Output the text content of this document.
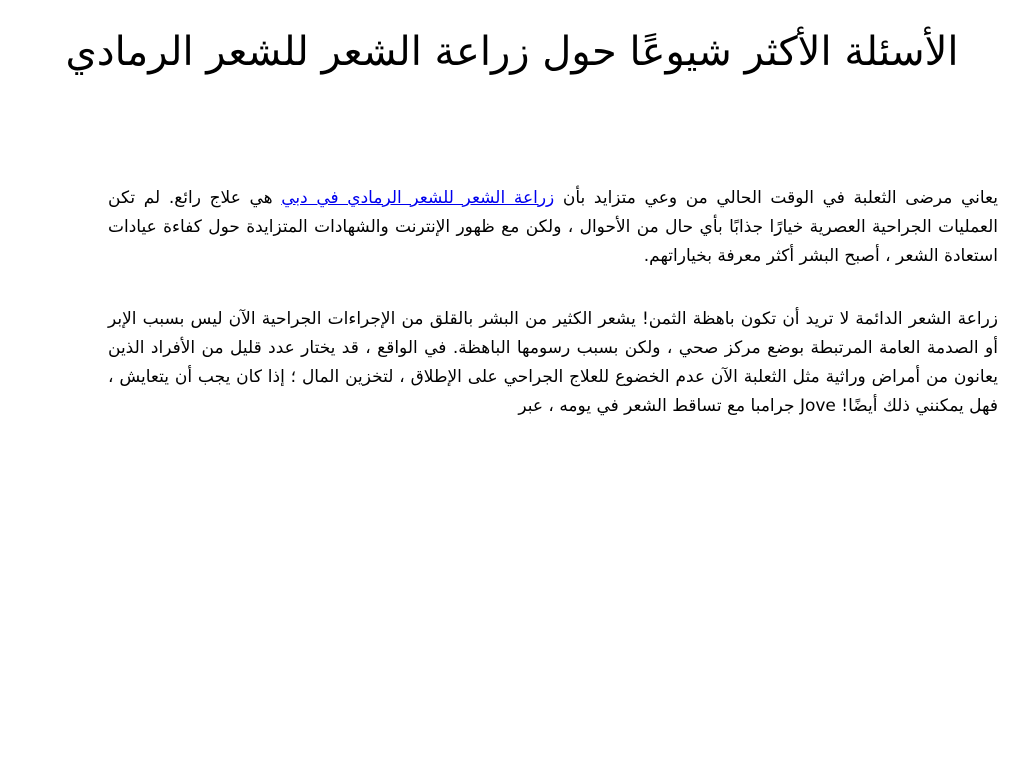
الأسئلة الأكثر شيوعًا حول زراعة الشعر للشعر الرمادي

يعاني مرضى الثعلبة في الوقت الحالي من وعي متزايد بأن زراعة الشعر للشعر الرمادي في دبي هي علاج رائع. لم تكن العمليات الجراحية العصرية خيارًا جذابًا بأي حال من الأحوال ، ولكن مع ظهور الإنترنت والشهادات المتزايدة حول كفاءة عيادات استعادة الشعر ، أصبح البشر أكثر معرفة بخياراتهم.

زراعة الشعر الدائمة لا تريد أن تكون باهظة الثمن! يشعر الكثير من البشر بالقلق من الإجراءات الجراحية الآن ليس بسبب الإبر أو الصدمة العامة المرتبطة بوضع مركز صحي ، ولكن بسبب رسومها الباهظة. في الواقع ، قد يختار عدد قليل من الأفراد الذين يعانون من أمراض وراثية مثل الثعلبة الآن عدم الخضوع للعلاج الجراحي على الإطلاق ، لتخزين المال ؛ إذا كان يجب أن يتعايش ، فهل يمكنني ذلك أيضًا! Jove جرامبا مع تساقط الشعر في يومه ، عبر
